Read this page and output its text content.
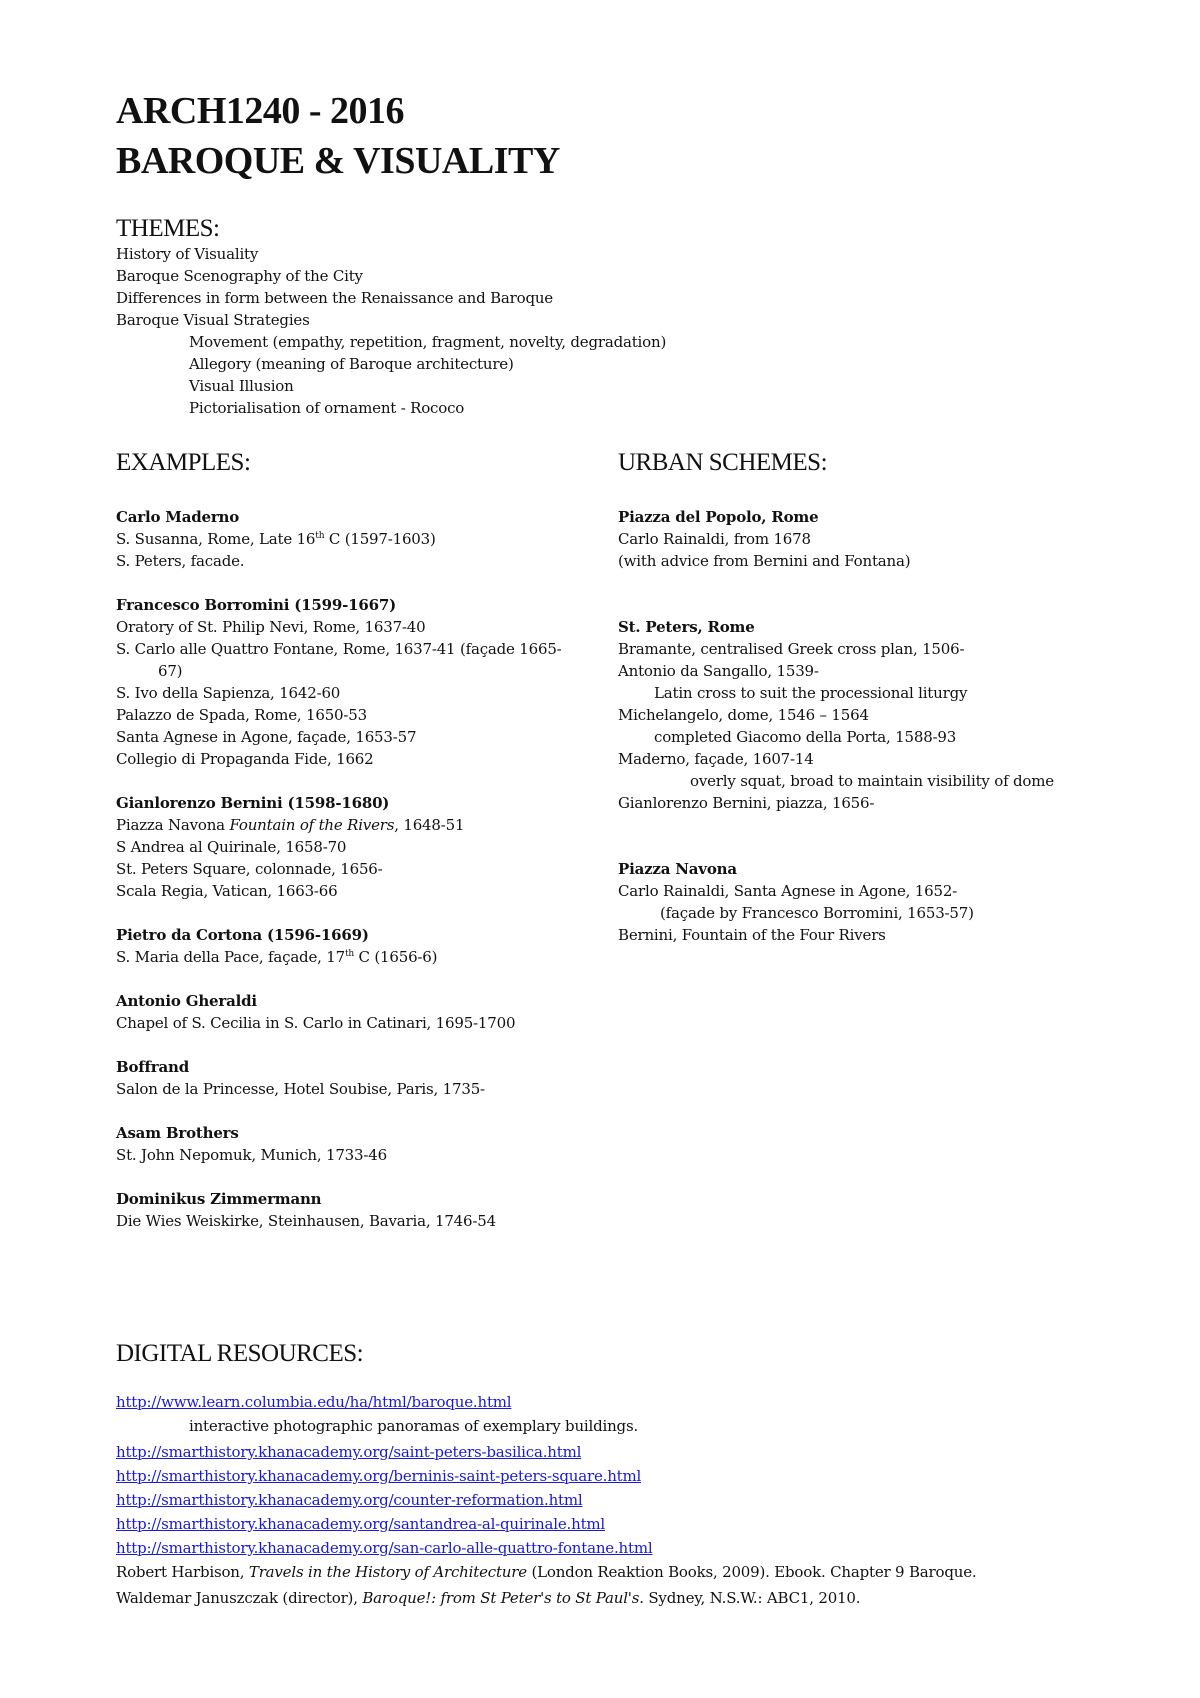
ARCH1240 - 2016
BAROQUE & VISUALITY
THEMES:
History of Visuality
Baroque Scenography of the City
Differences in form between the Renaissance and Baroque
Baroque Visual Strategies
Movement (empathy, repetition, fragment, novelty, degradation)
Allegory (meaning of Baroque architecture)
Visual Illusion
Pictorialisation of ornament - Rococo
EXAMPLES:
Carlo Maderno
S. Susanna, Rome, Late 16th C (1597-1603)
S. Peters, facade.
Francesco Borromini (1599-1667)
Oratory of St. Philip Nevi, Rome, 1637-40
S. Carlo alle Quattro Fontane, Rome, 1637-41 (façade 1665-
67)
S. Ivo della Sapienza, 1642-60
Palazzo de Spada, Rome, 1650-53
Santa Agnese in Agone, façade, 1653-57
Collegio di Propaganda Fide, 1662
Gianlorenzo Bernini (1598-1680)
Piazza Navona Fountain of the Rivers, 1648-51
S Andrea al Quirinale, 1658-70
St. Peters Square, colonnade, 1656-
Scala Regia, Vatican, 1663-66
Pietro da Cortona (1596-1669)
S. Maria della Pace, façade, 17th C (1656-6)
Antonio Gheraldi
Chapel of S. Cecilia in S. Carlo in Catinari, 1695-1700
Boffrand
Salon de la Princesse, Hotel Soubise, Paris, 1735-
Asam Brothers
St. John Nepomuk, Munich, 1733-46
Dominikus Zimmermann
Die Wies Weiskirke, Steinhausen, Bavaria, 1746-54
URBAN SCHEMES:
Piazza del Popolo, Rome
Carlo Rainaldi, from 1678
(with advice from Bernini and Fontana)
St. Peters, Rome
Bramante, centralised Greek cross plan, 1506-
Antonio da Sangallo, 1539-
Latin cross to suit the processional liturgy
Michelangelo, dome, 1546 – 1564
completed Giacomo della Porta, 1588-93
Maderno, façade, 1607-14
overly squat, broad to maintain visibility of dome
Gianlorenzo Bernini, piazza, 1656-
Piazza Navona
Carlo Rainaldi, Santa Agnese in Agone, 1652-
(façade by Francesco Borromini, 1653-57)
Bernini, Fountain of the Four Rivers
DIGITAL RESOURCES:
http://www.learn.columbia.edu/ha/html/baroque.html
interactive photographic panoramas of exemplary buildings.
http://smarthistory.khanacademy.org/saint-peters-basilica.html
http://smarthistory.khanacademy.org/berninis-saint-peters-square.html
http://smarthistory.khanacademy.org/counter-reformation.html
http://smarthistory.khanacademy.org/santandrea-al-quirinale.html
http://smarthistory.khanacademy.org/san-carlo-alle-quattro-fontane.html
Robert Harbison, Travels in the History of Architecture (London Reaktion Books, 2009). Ebook. Chapter 9 Baroque.
Waldemar Januszczak (director), Baroque!: from St Peter's to St Paul's. Sydney, N.S.W.: ABC1, 2010.
